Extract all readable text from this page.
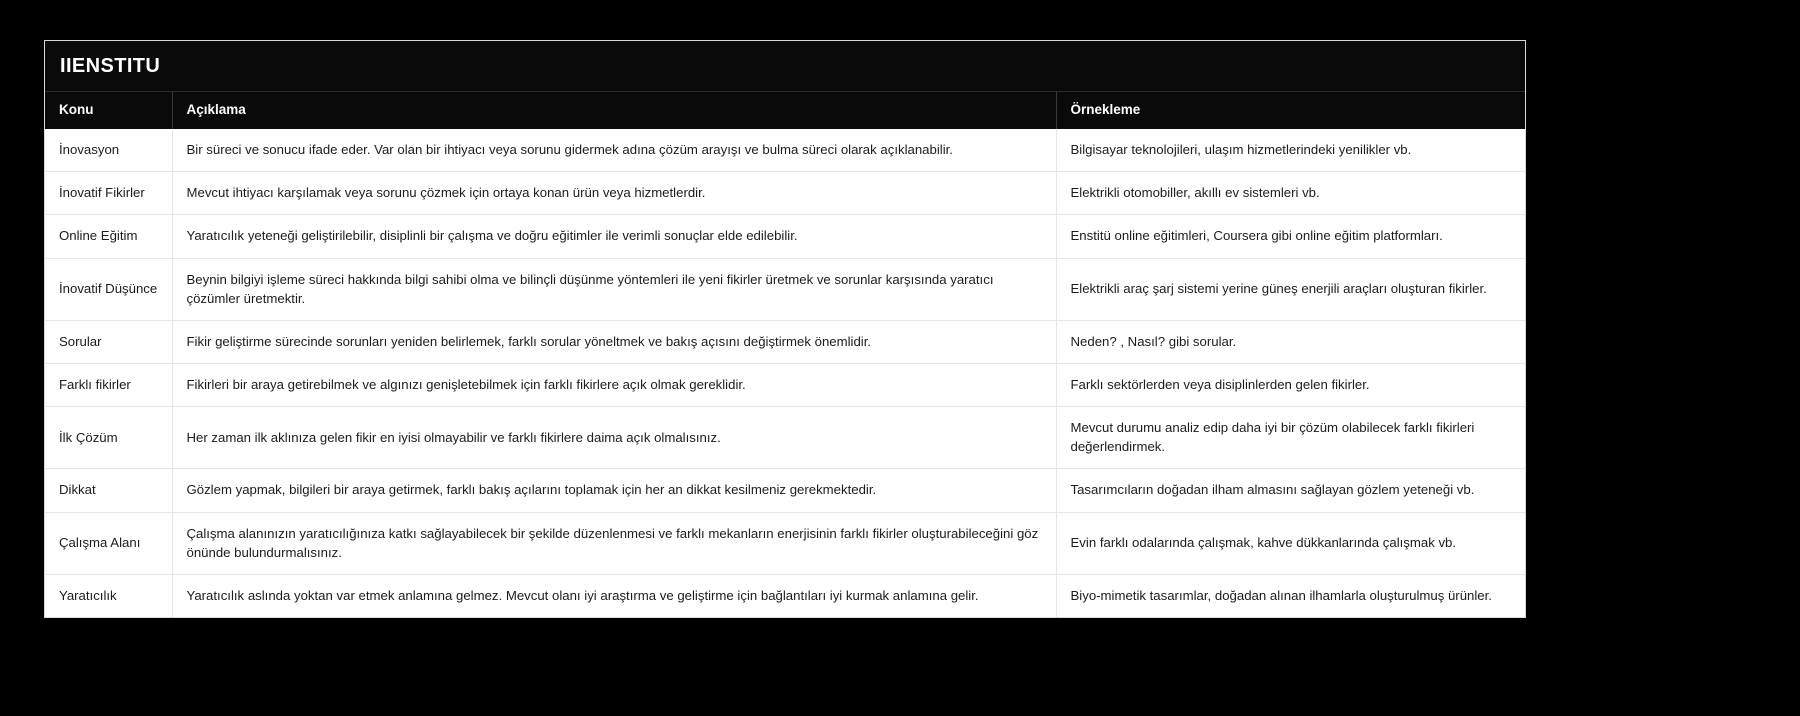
IIENSTITU
Konu	Açıklama	Örnekleme
İnovasyon	Bir süreci ve sonucu ifade eder. Var olan bir ihtiyacı veya sorunu gidermek adına çözüm arayışı ve bulma süreci olarak açıklanabilir.	Bilgisayar teknolojileri, ulaşım hizmetlerindeki yenilikler vb.
İnovatif Fikirler	Mevcut ihtiyacı karşılamak veya sorunu çözmek için ortaya konan ürün veya hizmetlerdir.	Elektrikli otomobiller, akıllı ev sistemleri vb.
Online Eğitim	Yaratıcılık yeteneği geliştirilebilir, disiplinli bir çalışma ve doğru eğitimler ile verimli sonuçlar elde edilebilir.	Enstitü online eğitimleri, Coursera gibi online eğitim platformları.
İnovatif Düşünce	Beynin bilgiyi işleme süreci hakkında bilgi sahibi olma ve bilinçli düşünme yöntemleri ile yeni fikirler üretmek ve sorunlar karşısında yaratıcı çözümler üretmektir.	Elektrikli araç şarj sistemi yerine güneş enerjili araçları oluşturan fikirler.
Sorular	Fikir geliştirme sürecinde sorunları yeniden belirlemek, farklı sorular yöneltmek ve bakış açısını değiştirmek önemlidir.	Neden? , Nasıl? gibi sorular.
Farklı fikirler	Fikirleri bir araya getirebilmek ve algınızı genişletebilmek için farklı fikirlere açık olmak gereklidir.	Farklı sektörlerden veya disiplinlerden gelen fikirler.
İlk Çözüm	Her zaman ilk aklınıza gelen fikir en iyisi olmayabilir ve farklı fikirlere daima açık olmalısınız.	Mevcut durumu analiz edip daha iyi bir çözüm olabilecek farklı fikirleri değerlendirmek.
Dikkat	Gözlem yapmak, bilgileri bir araya getirmek, farklı bakış açılarını toplamak için her an dikkat kesilmeniz gerekmektedir.	Tasarımcıların doğadan ilham almasını sağlayan gözlem yeteneği vb.
Çalışma Alanı	Çalışma alanınızın yaratıcılığınıza katkı sağlayabilecek bir şekilde düzenlenmesi ve farklı mekanların enerjisinin farklı fikirler oluşturabileceğini göz önünde bulundurmalısınız.	Evin farklı odalarında çalışmak, kahve dükkanlarında çalışmak vb.
Yaratıcılık	Yaratıcılık aslında yoktan var etmek anlamına gelmez. Mevcut olanı iyi araştırma ve geliştirme için bağlantıları iyi kurmak anlamına gelir.	Biyo-mimetik tasarımlar, doğadan alınan ilhamlarla oluşturulmuş ürünler.
